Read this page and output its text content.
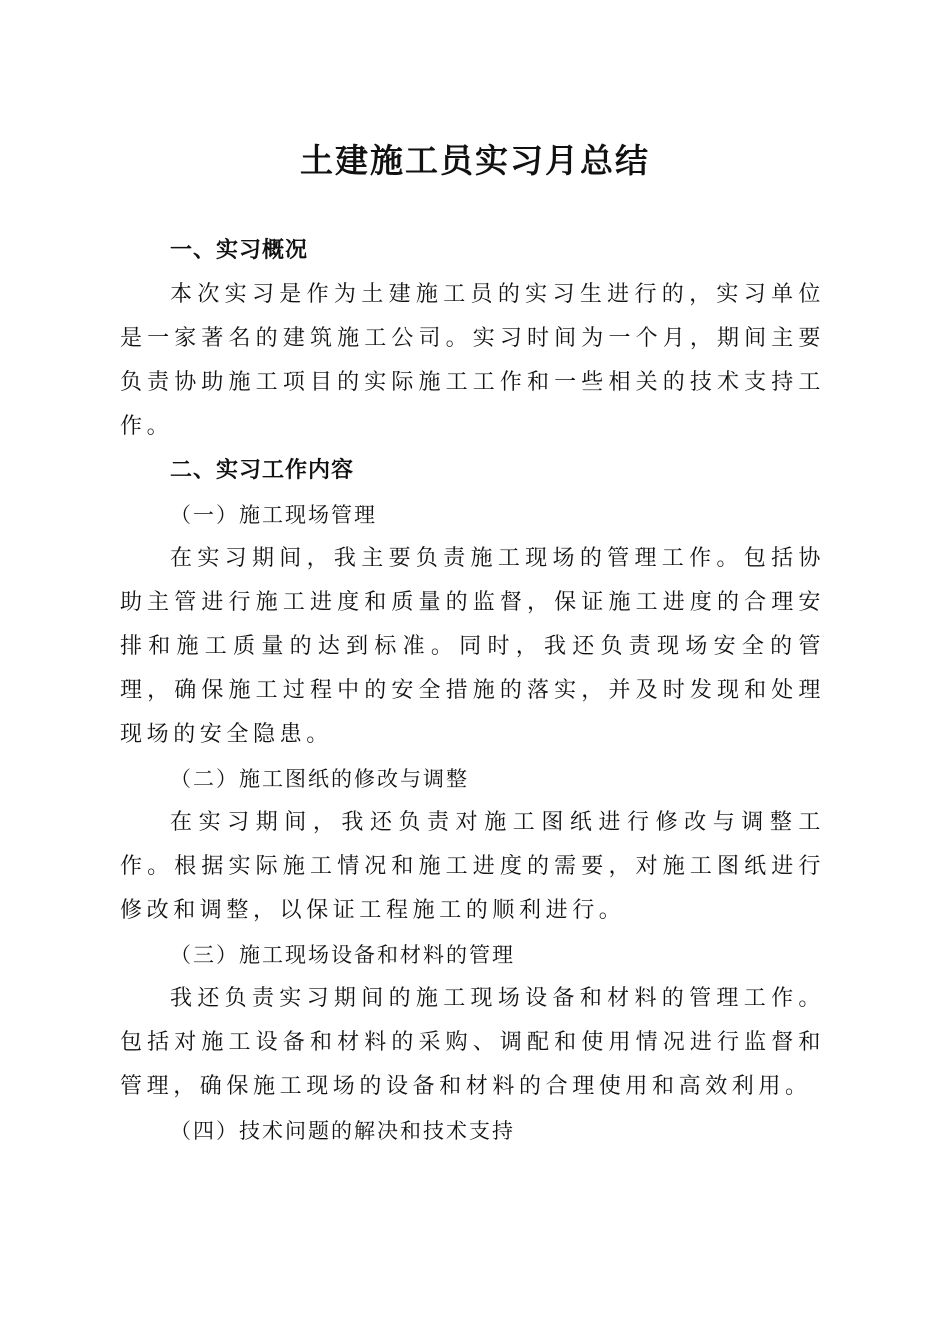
土建施工员实习月总结
一、实习概况

本次实习是作为土建施工员的实习生进行的，实习单位是一家著名的建筑施工公司。实习时间为一个月，期间主要负责协助施工项目的实际施工工作和一些相关的技术支持工作。

二、实习工作内容
（一）施工现场管理

在实习期间，我主要负责施工现场的管理工作。包括协助主管进行施工进度和质量的监督，保证施工进度的合理安排和施工质量的达到标准。同时，我还负责现场安全的管理，确保施工过程中的安全措施的落实，并及时发现和处理现场的安全隐患。

（二）施工图纸的修改与调整

在实习期间，我还负责对施工图纸进行修改与调整工作。根据实际施工情况和施工进度的需要，对施工图纸进行修改和调整，以保证工程施工的顺利进行。

（三）施工现场设备和材料的管理

我还负责实习期间的施工现场设备和材料的管理工作。包括对施工设备和材料的采购、调配和使用情况进行监督和管理，确保施工现场的设备和材料的合理使用和高效利用。

（四）技术问题的解决和技术支持
